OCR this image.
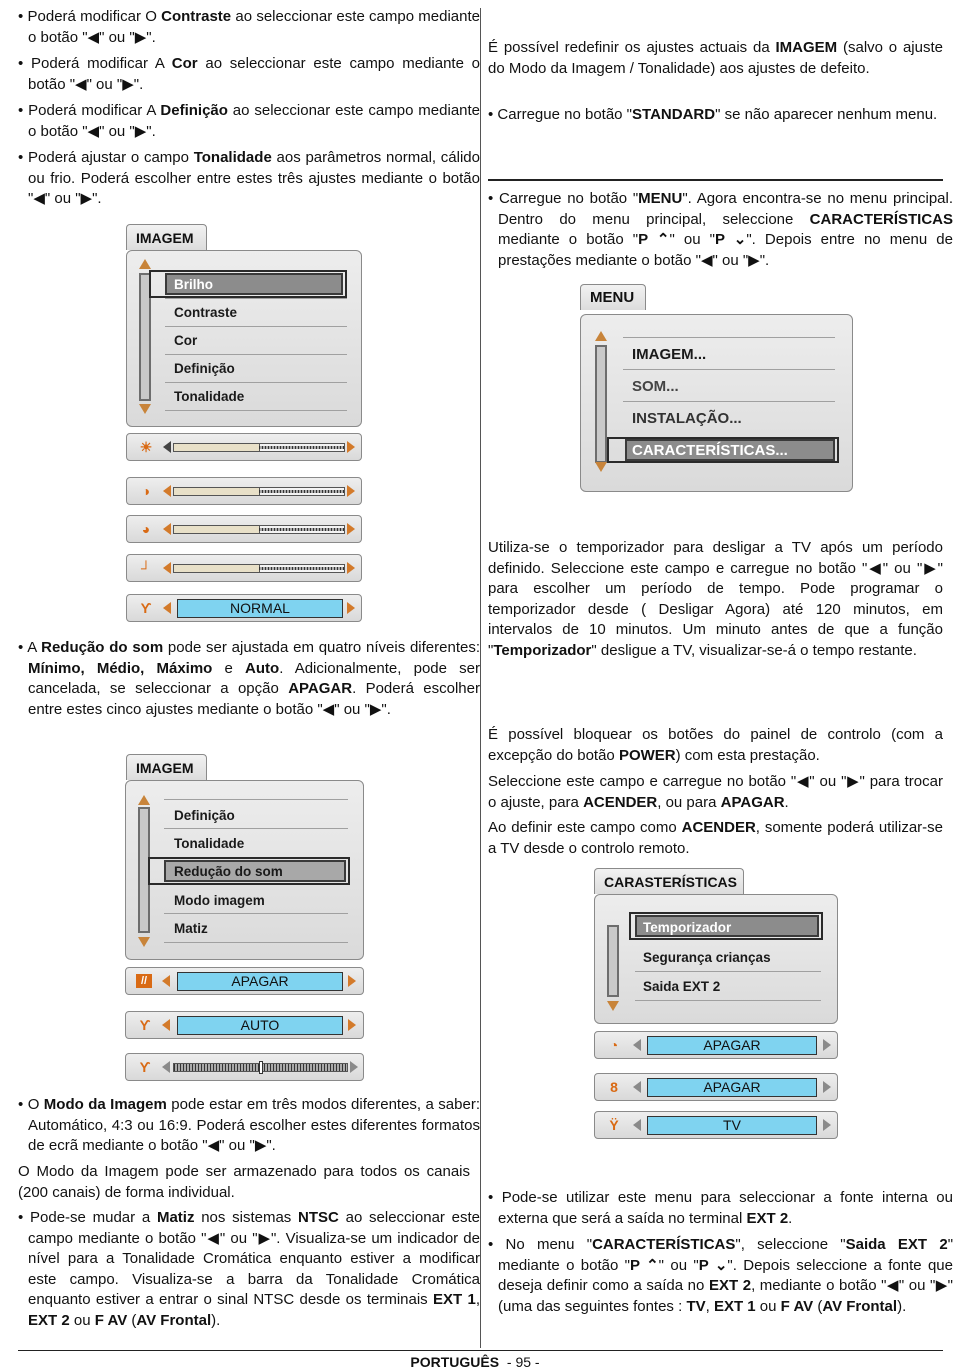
• Poderá modificar O Contraste ao seleccionar este campo mediante o botão "◀" ou "▶".

• Poderá modificar A Cor ao seleccionar este campo mediante o botão "◀" ou "▶".

• Poderá modificar A Definição ao seleccionar este campo mediante o botão "◀" ou "▶".

• Poderá ajustar o campo Tonalidade aos parâmetros normal, cálido ou frio. Poderá escolher entre estes três ajustes mediante o botão "◀" ou "▶".

IMAGEM
Brilho
Contraste
Cor
Definição
Tonalidade
☀
◑
◕
┘
ϒ	NORMAL

• A Redução do som pode ser ajustada em quatro níveis diferentes: Mínimo, Médio, Máximo e Auto. Adicionalmente, pode ser cancelada, se seleccionar a opção APAGAR. Poderá escolher entre estes cinco ajustes mediante o botão "◀" ou "▶".

IMAGEM
Definição
Tonalidade
Redução do som
Modo imagem
Matiz
//	APAGAR
ϒ	AUTO
ϒ

• O Modo da Imagem pode estar em três modos diferentes, a saber: Automático, 4:3 ou 16:9. Poderá escolher estes diferentes formatos de ecrã mediante o botão "◀" ou "▶".

O Modo da Imagem pode ser armazenado para todos os canais (200 canais) de forma individual.

• Pode-se mudar a Matiz nos sistemas NTSC ao seleccionar este campo mediante o botão "◀" ou "▶". Visualiza-se um indicador de nível para a Tonalidade Cromática enquanto estiver a modificar este campo. Visualiza-se a barra da Tonalidade Cromática enquanto estiver a entrar o sinal NTSC desde os terminais EXT 1, EXT 2 ou F AV (AV Frontal).

É possível redefinir os ajustes actuais da IMAGEM (salvo o ajuste do Modo da Imagem / Tonalidade) aos ajustes de defeito.

• Carregue no botão "STANDARD" se não aparecer nenhum menu.

• Carregue no botão "MENU". Agora encontra-se no menu principal. Dentro do menu principal, seleccione CARACTERÍSTICAS mediante o botão "P ⌃" ou "P ⌄". Depois entre no menu de prestações mediante o botão "◀" ou "▶".

MENU
IMAGEM...
SOM...
INSTALAÇÃO...
CARACTERÍSTICAS...

Utiliza-se o temporizador para desligar a TV após um período definido. Seleccione este campo e carregue no botão "◀" ou "▶" para escolher um período de tempo. Pode programar o temporizador desde ( Desligar Agora) até 120 minutos, em intervalos de 10 minutos. Um minuto antes de que a função "Temporizador" desligue a TV, visualizar-se-á o tempo restante.

É possível bloquear os botões do painel de controlo (com a excepção do botão POWER) com esta prestação.

Seleccione este campo e carregue no botão "◀" ou "▶" para trocar o ajuste, para ACENDER, ou para APAGAR.

Ao definir este campo como ACENDER, somente poderá utilizar-se a TV desde o controlo remoto.

CARASTERÍSTICAS
Temporizador
Segurança crianças
Saida EXT 2
◔	APAGAR
8	APAGAR
Ÿ	TV

• Pode-se utilizar este menu para seleccionar a fonte interna ou externa que será a saída no terminal EXT 2.

• No menu "CARACTERÍSTICAS", seleccione "Saida EXT 2" mediante o botão "P ⌃" ou "P ⌄". Depois seleccione a fonte que deseja definir como a saída no EXT 2, mediante o botão "◀" ou "▶" (uma das seguintes fontes : TV, EXT 1 ou F AV (AV Frontal).

PORTUGUÊS - 95 -
